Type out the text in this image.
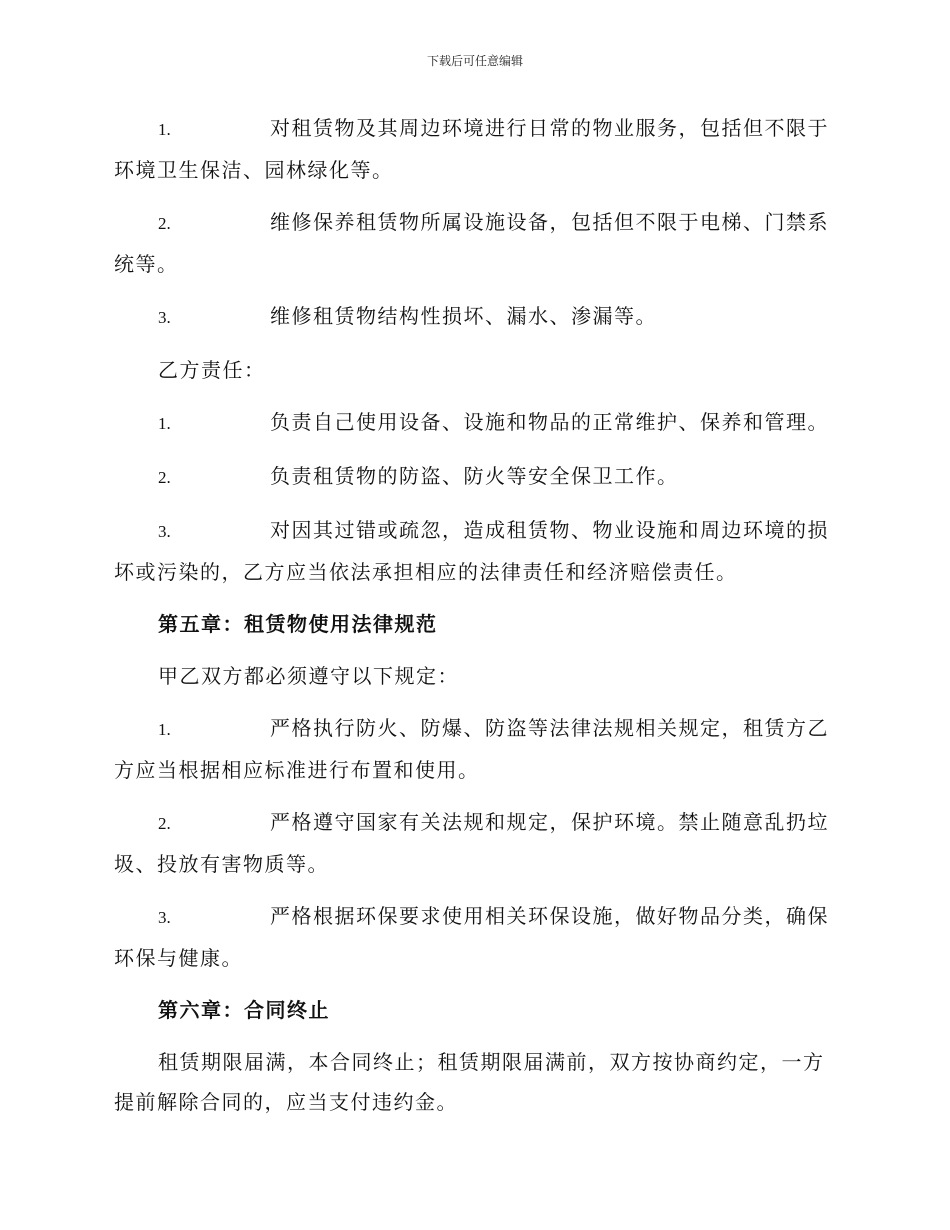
下载后可任意编辑

1.	对租赁物及其周边环境进行日常的物业服务，包括但不限于环境卫生保洁、园林绿化等。

2.	维修保养租赁物所属设施设备，包括但不限于电梯、门禁系统等。

3.	维修租赁物结构性损坏、漏水、渗漏等。

乙方责任：

1.	负责自己使用设备、设施和物品的正常维护、保养和管理。

2.	负责租赁物的防盗、防火等安全保卫工作。

3.	对因其过错或疏忽，造成租赁物、物业设施和周边环境的损坏或污染的，乙方应当依法承担相应的法律责任和经济赔偿责任。

第五章：租赁物使用法律规范

甲乙双方都必须遵守以下规定：

1.	严格执行防火、防爆、防盗等法律法规相关规定，租赁方乙方应当根据相应标准进行布置和使用。

2.	严格遵守国家有关法规和规定，保护环境。禁止随意乱扔垃圾、投放有害物质等。

3.	严格根据环保要求使用相关环保设施，做好物品分类，确保环保与健康。

第六章：合同终止

租赁期限届满，本合同终止；租赁期限届满前，双方按协商约定，一方提前解除合同的，应当支付违约金。
